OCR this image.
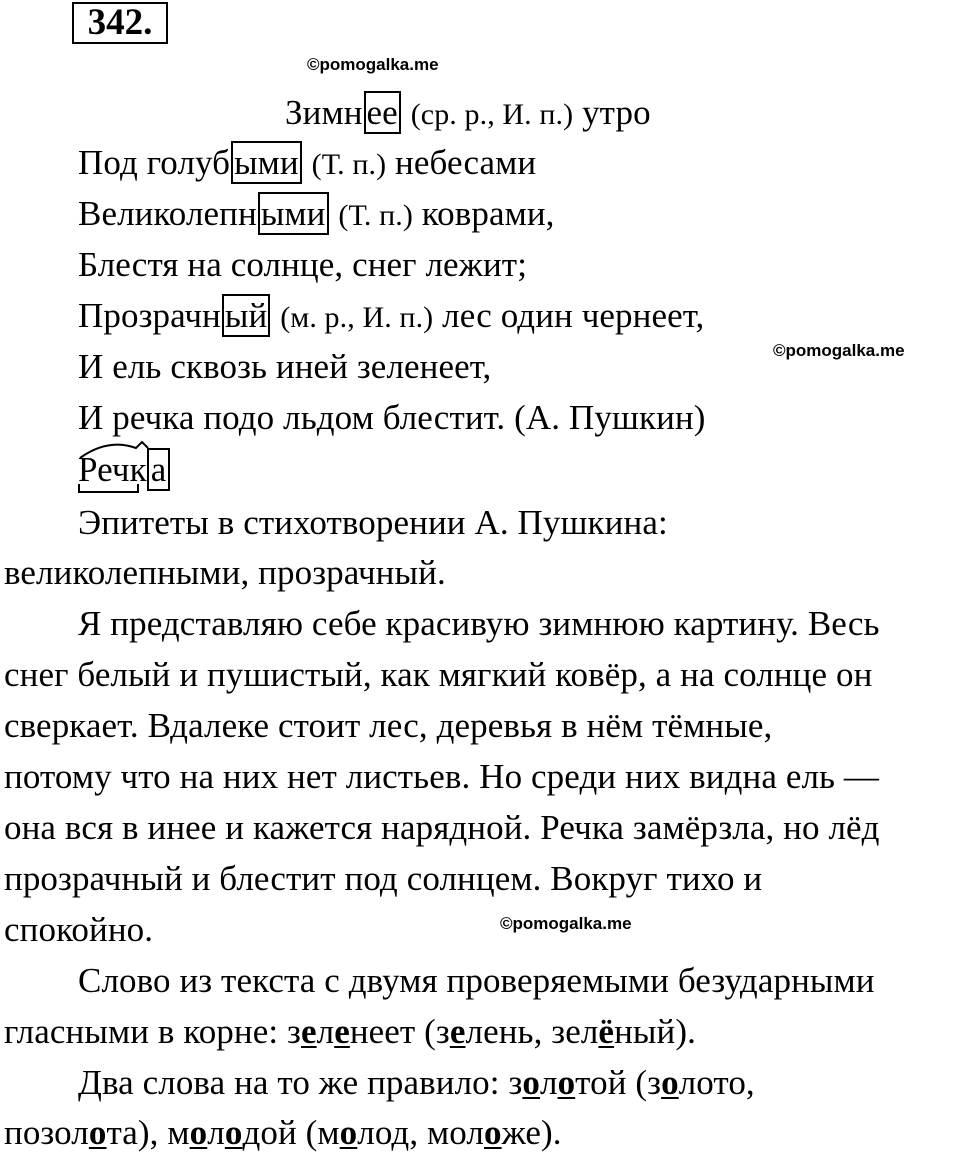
342.
©pomogalka.me
©pomogalka.me
©pomogalka.me
Зимн ее (ср. р., И. п.) утро
Под голуб ыми (Т. п.) небесами
Великолепн ыми (Т. п.) коврами,
Блестя на солнце, снег лежит;
Прозрачн ый (м. р., И. п.) лес один чернеет,
И ель сквозь иней зеленеет,
И речка подо льдом блестит. (А. Пушкин)
Речк а
Эпитеты в стихотворении А. Пушкина:
великолепными, прозрачный.
Я представляю себе красивую зимнюю картину. Весь
снег белый и пушистый, как мягкий ковёр, а на солнце он
сверкает. Вдалеке стоит лес, деревья в нём тёмные,
потому что на них нет листьев. Но среди них видна ель —
она вся в инее и кажется нарядной. Речка замёрзла, но лёд
прозрачный и блестит под солнцем. Вокруг тихо и
спокойно.
Слово из текста с двумя проверяемыми безударными
гласными в корне: зеленеет (зелень, зелёный).
Два слова на то же правило: золотой (золото,
позолота), молодой (молод, моложе).
